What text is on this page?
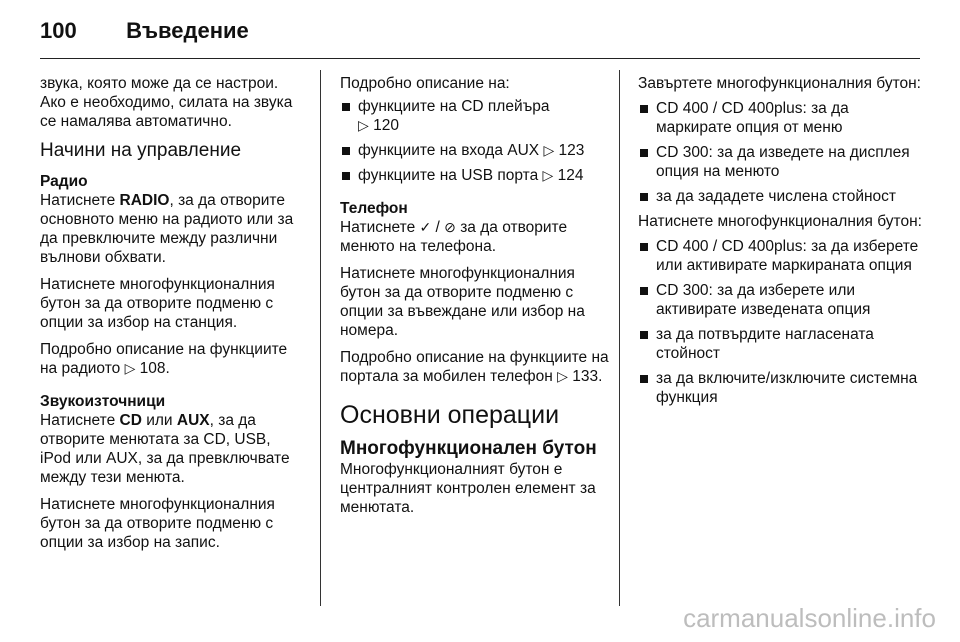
100 Въведение

звука, която може да се настрои. Ако е необходимо, силата на звука се намалява автоматично.

Начини на управление
Радио

Натиснете RADIO, за да отворите основното меню на радиото или за да превключите между различни вълнови обхвати.

Натиснете многофункционалния бутон за да отворите подменю с опции за избор на станция.

Подробно описание на функциите на радиото ▷ 108.

Звукоизточници

Натиснете CD или AUX, за да отворите менютата за CD, USB, iPod или AUX, за да превключвате между тези менюта.

Натиснете многофункционалния бутон за да отворите подменю с опции за избор на запис.

Подробно описание на:

функциите на CD плейъра
▷ 120
функциите на входа AUX ▷ 123
функциите на USB порта ▷ 124
Телефон

Натиснете ✓ / ⊘ за да отворите менюто на телефона.

Натиснете многофункционалния бутон за да отворите подменю с опции за въвеждане или избор на номера.

Подробно описание на функциите на портала за мобилен телефон ▷ 133.

Основни операции
Многофункционален бутон

Многофункционалният бутон е централният контролен елемент за менютата.

Завъртете многофункционалния бутон:

CD 400 / CD 400plus: за да маркирате опция от меню
CD 300: за да изведете на дисплея опция на менюто
за да зададете числена стойност

Натиснете многофункционалния бутон:

CD 400 / CD 400plus: за да изберете или активирате маркираната опция
CD 300: за да изберете или активирате изведената опция
за да потвърдите нагласената стойност
за да включите/изключите системна функция
carmanualsonline.info
